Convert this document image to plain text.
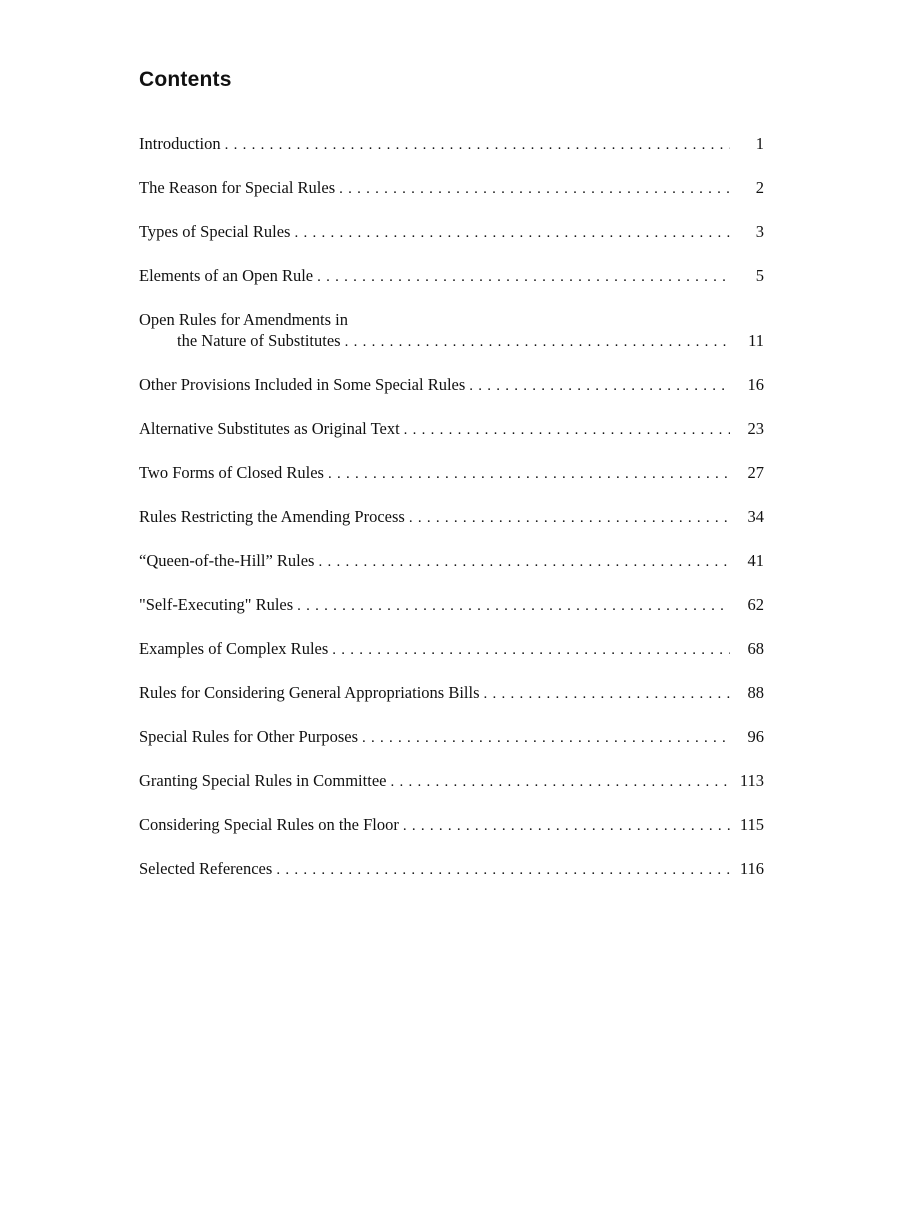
Contents
Introduction . . .	1
The Reason for Special Rules . . .	2
Types of Special Rules . . .	3
Elements of an Open Rule . . .	5
Open Rules for Amendments in
the Nature of Substitutes . . .	11
Other Provisions Included in Some Special Rules . . .	16
Alternative Substitutes as Original Text . . .	23
Two Forms of Closed Rules . . .	27
Rules Restricting the Amending Process . . .	34
“Queen-of-the-Hill” Rules . . .	41
"Self-Executing" Rules . . .	62
Examples of Complex Rules . . .	68
Rules for Considering General Appropriations Bills . . .	88
Special Rules for Other Purposes . . .	96
Granting Special Rules in Committee . . .	113
Considering Special Rules on the Floor . . .	115
Selected References . . .	116
